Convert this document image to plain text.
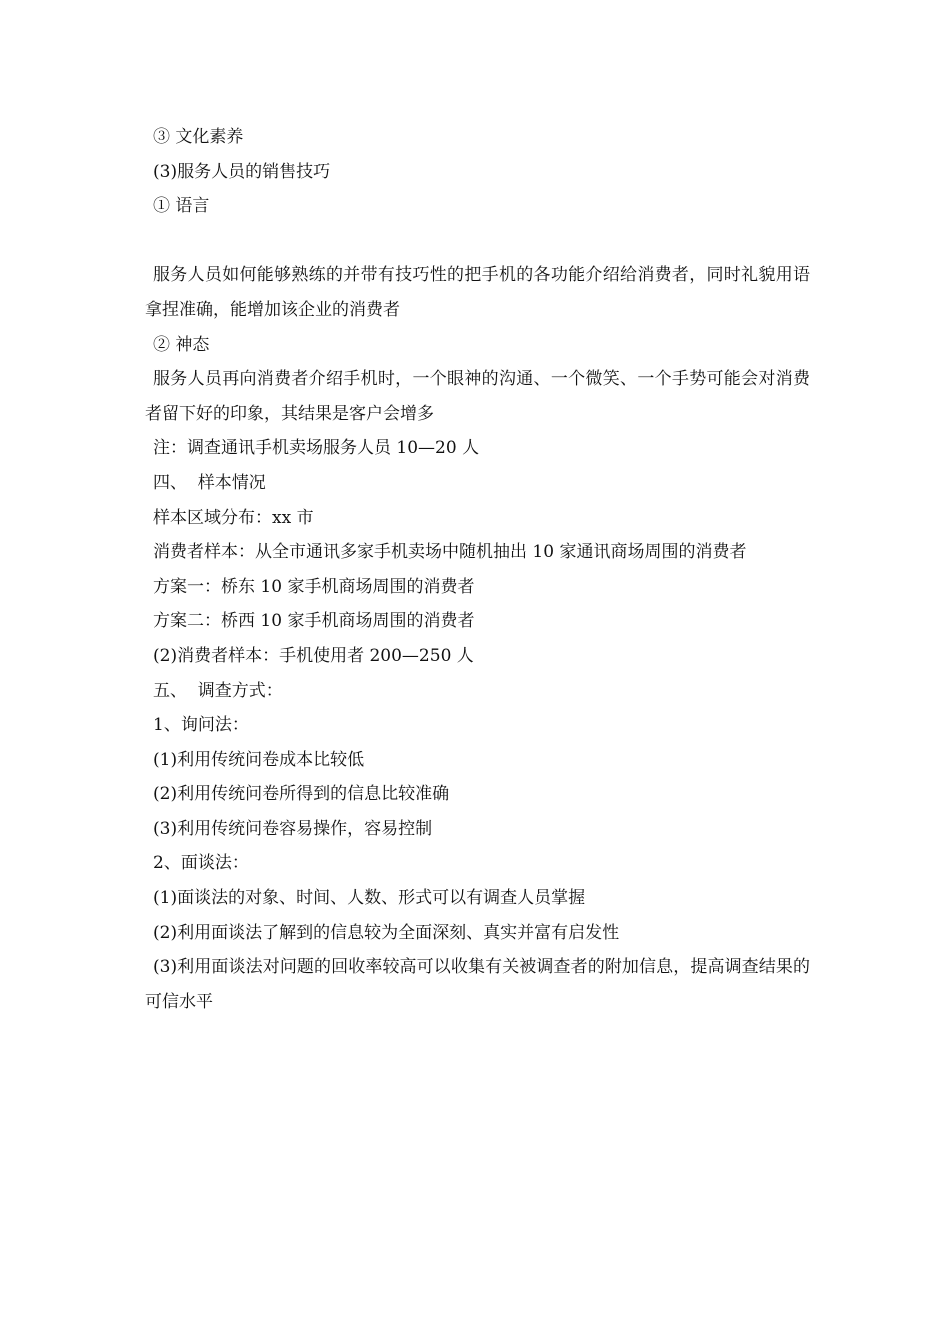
③ 文化素养
(3)服务人员的销售技巧
① 语言

服务人员如何能够熟练的并带有技巧性的把手机的各功能介绍给消费者，同时礼貌用语拿捏准确，能增加该企业的消费者

② 神态

服务人员再向消费者介绍手机时，一个眼神的沟通、一个微笑、一个手势可能会对消费者留下好的印象，其结果是客户会增多

注：调查通讯手机卖场服务人员 10—20 人
四、  样本情况
样本区域分布：xx 市

消费者样本：从全市通讯多家手机卖场中随机抽出 10 家通讯商场周围的消费者

方案一：桥东 10 家手机商场周围的消费者
方案二：桥西 10 家手机商场周围的消费者
(2)消费者样本：手机使用者 200—250 人
五、  调查方式：
1、询问法：
(1)利用传统问卷成本比较低
(2)利用传统问卷所得到的信息比较准确
(3)利用传统问卷容易操作，容易控制
2、面谈法：
(1)面谈法的对象、时间、人数、形式可以有调查人员掌握
(2)利用面谈法了解到的信息较为全面深刻、真实并富有启发性

(3)利用面谈法对问题的回收率较高可以收集有关被调查者的附加信息，提高调查结果的可信水平
